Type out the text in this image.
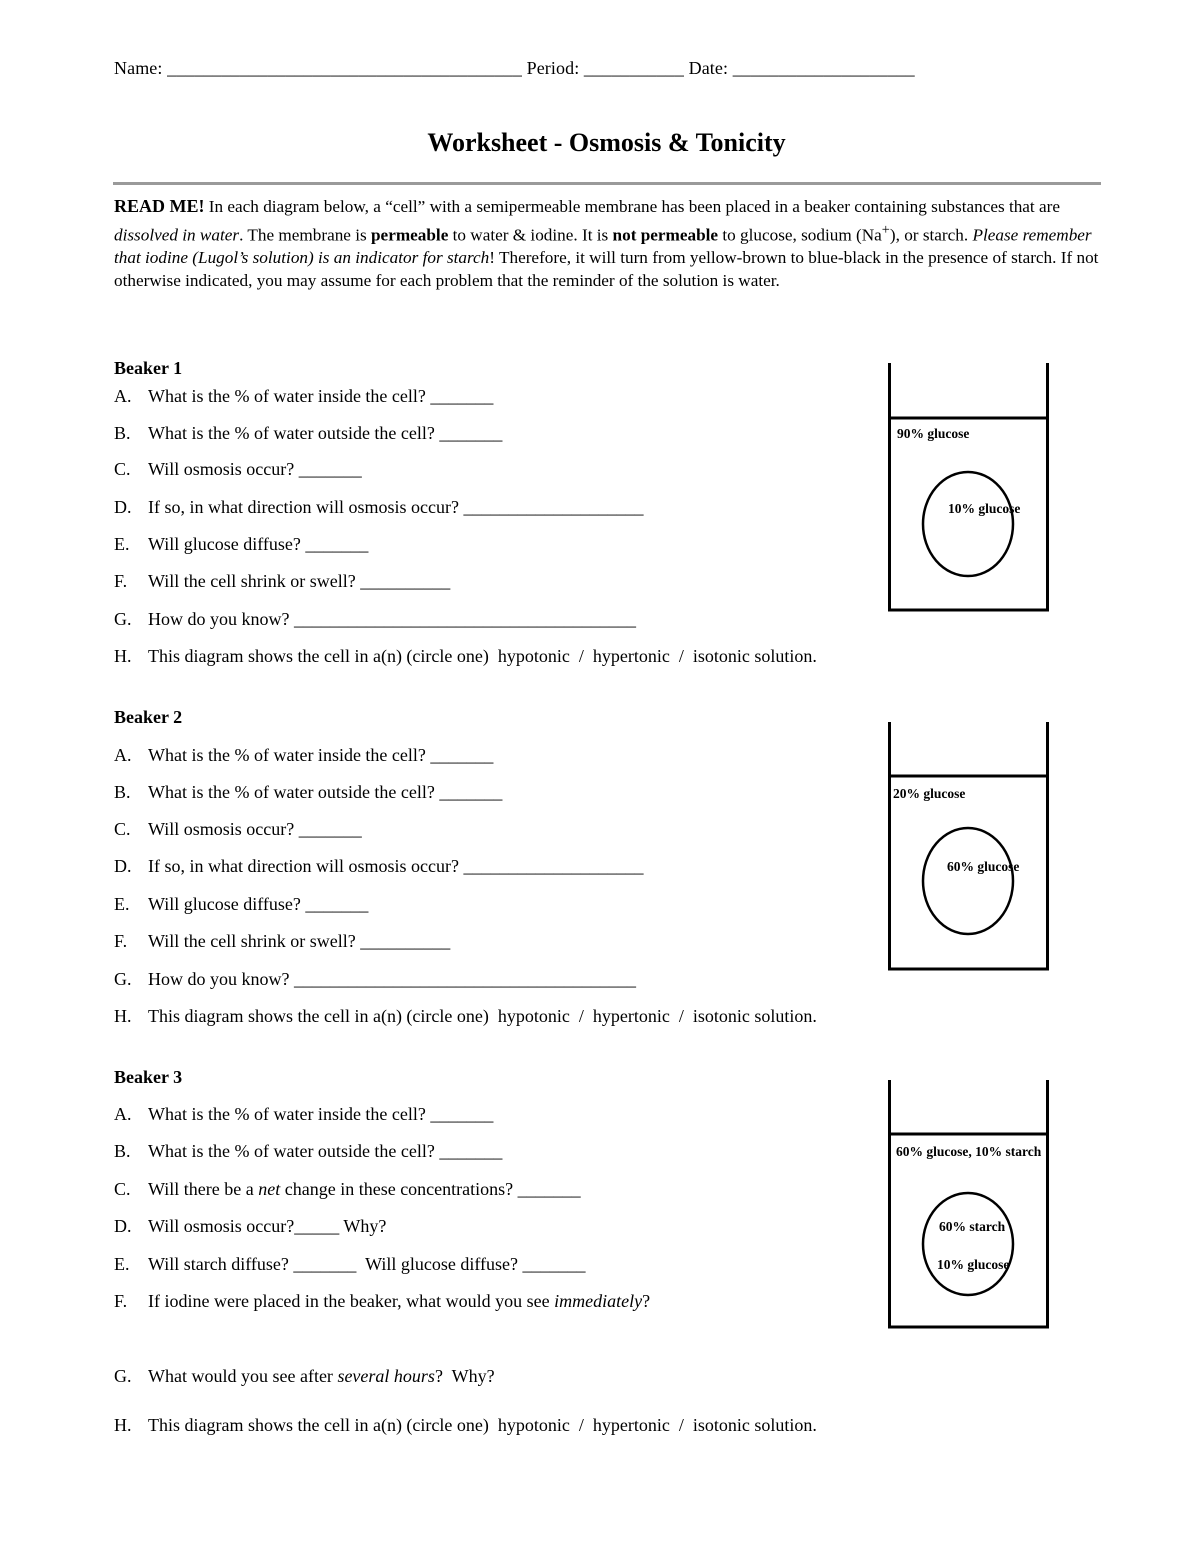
Name: _______________________________________ Period: ___________ Date: ____________________
Worksheet - Osmosis & Tonicity
READ ME! In each diagram below, a “cell” with a semipermeable membrane has been placed in a beaker containing substances that are dissolved in water. The membrane is permeable to water & iodine. It is not permeable to glucose, sodium (Na+), or starch. Please remember that iodine (Lugol’s solution) is an indicator for starch! Therefore, it will turn from yellow-brown to blue-black in the presence of starch. If not otherwise indicated, you may assume for each problem that the reminder of the solution is water.
Beaker 1
A. What is the % of water inside the cell? _______
B. What is the % of water outside the cell? _______
C. Will osmosis occur? _______
D. If so, in what direction will osmosis occur? ____________________
E. Will glucose diffuse? _______
F. Will the cell shrink or swell? __________
G. How do you know? ______________________________________
H. This diagram shows the cell in a(n) (circle one)  hypotonic  /  hypertonic  /  isotonic solution.
90% glucose
10% glucose
Beaker 2
A. What is the % of water inside the cell? _______
B. What is the % of water outside the cell? _______
C. Will osmosis occur? _______
D. If so, in what direction will osmosis occur? ____________________
E. Will glucose diffuse? _______
F. Will the cell shrink or swell? __________
G. How do you know? ______________________________________
H. This diagram shows the cell in a(n) (circle one)  hypotonic  /  hypertonic  /  isotonic solution.
20% glucose
60% glucose
Beaker 3
A. What is the % of water inside the cell? _______
B. What is the % of water outside the cell? _______
C. Will there be a net change in these concentrations? _______
D. Will osmosis occur?_____ Why?
E. Will starch diffuse? _______  Will glucose diffuse? _______
F. If iodine were placed in the beaker, what would you see immediately?
G. What would you see after several hours?  Why?
H. This diagram shows the cell in a(n) (circle one)  hypotonic  /  hypertonic  /  isotonic solution.
60% glucose, 10% starch
60% starch
10% glucose
